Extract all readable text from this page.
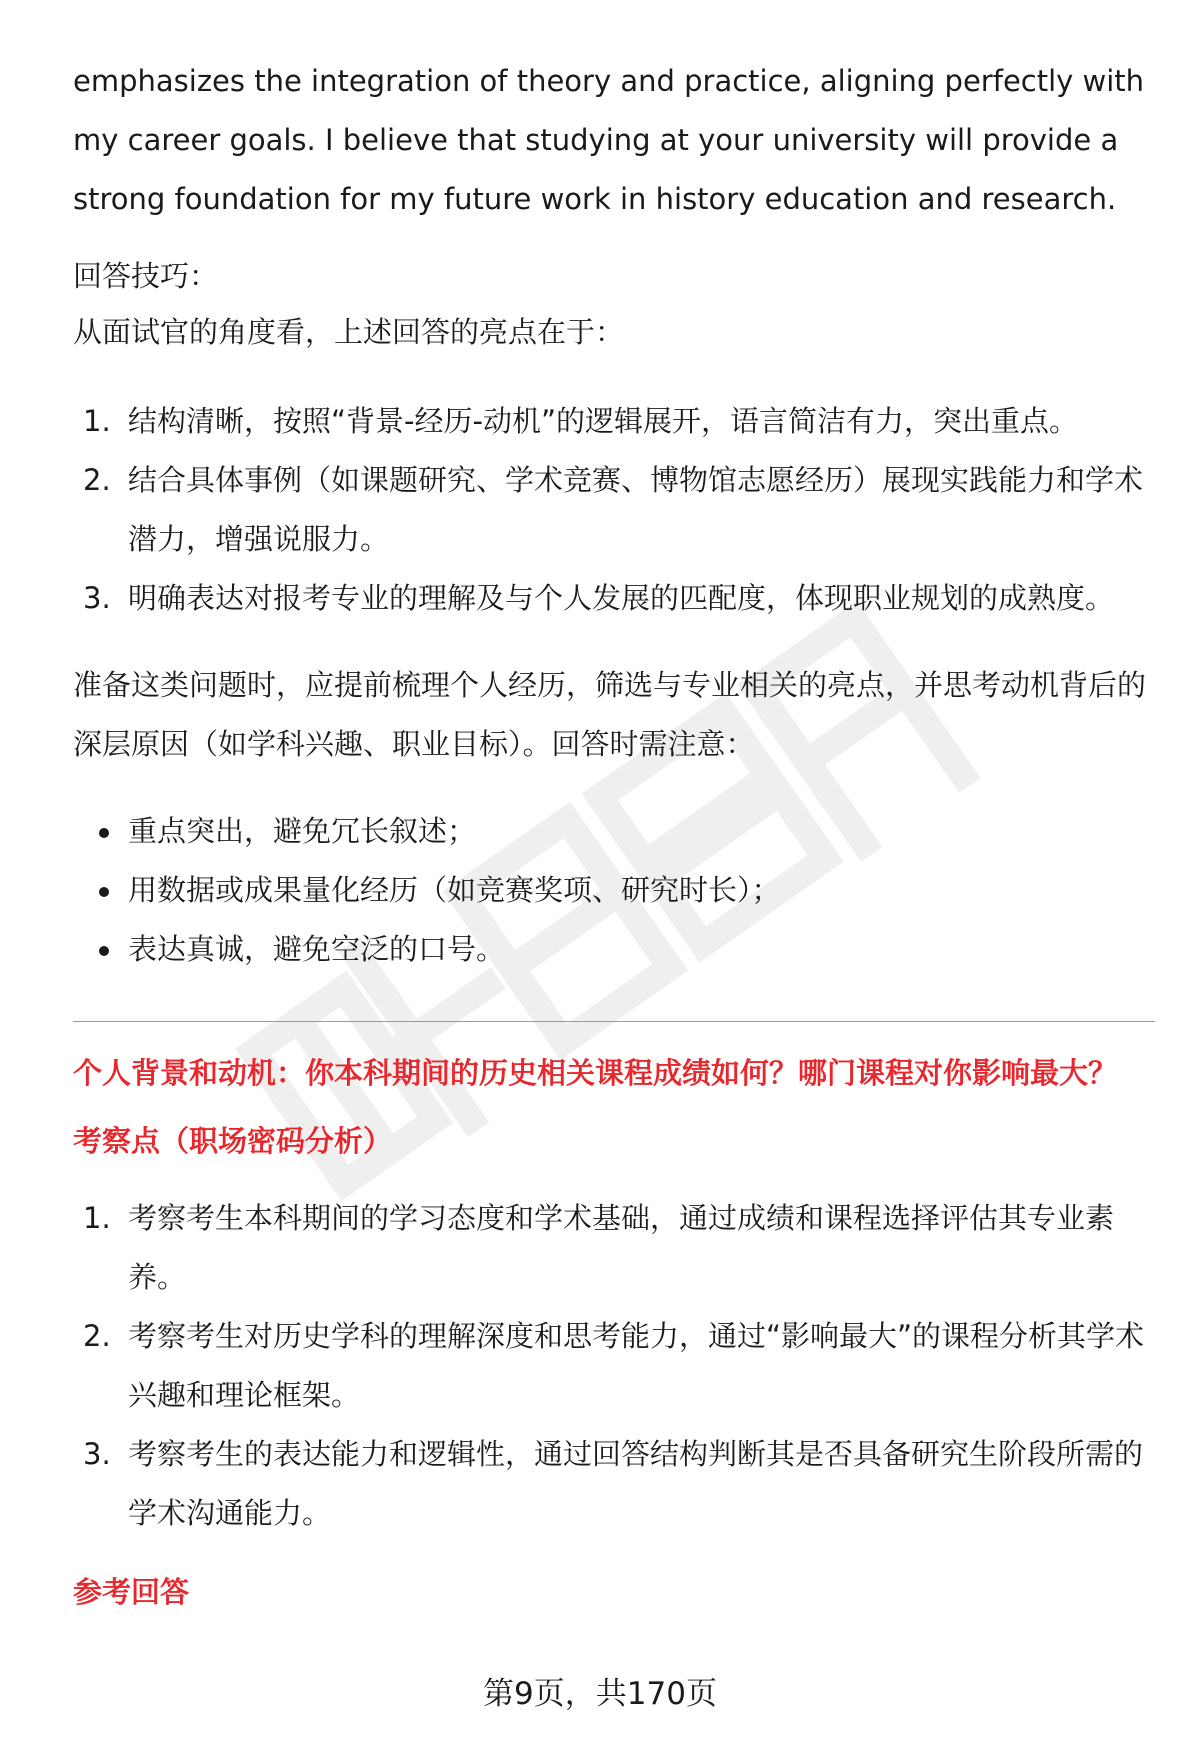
emphasizes the integration of theory and practice, aligning perfectly with my career goals. I believe that studying at your university will provide a strong foundation for my future work in history education and research.

回答技巧：

从面试官的角度看，上述回答的亮点在于：

1. 结构清晰，按照“背景-经历-动机”的逻辑展开，语言简洁有力，突出重点。
2. 结合具体事例（如课题研究、学术竞赛、博物馆志愿经历）展现实践能力和学术潜力，增强说服力。
3. 明确表达对报考专业的理解及与个人发展的匹配度，体现职业规划的成熟度。

准备这类问题时，应提前梳理个人经历，筛选与专业相关的亮点，并思考动机背后的深层原因（如学科兴趣、职业目标）。回答时需注意：

重点突出，避免冗长叙述；
用数据或成果量化经历（如竞赛奖项、研究时长）；
表达真诚，避免空泛的口号。

个人背景和动机：你本科期间的历史相关课程成绩如何？哪门课程对你影响最大？

考察点（职场密码分析）

1. 考察考生本科期间的学习态度和学术基础，通过成绩和课程选择评估其专业素养。
2. 考察考生对历史学科的理解深度和思考能力，通过“影响最大”的课程分析其学术兴趣和理论框架。
3. 考察考生的表达能力和逻辑性，通过回答结构判断其是否具备研究生阶段所需的学术沟通能力。

参考回答

第9页，共170页
